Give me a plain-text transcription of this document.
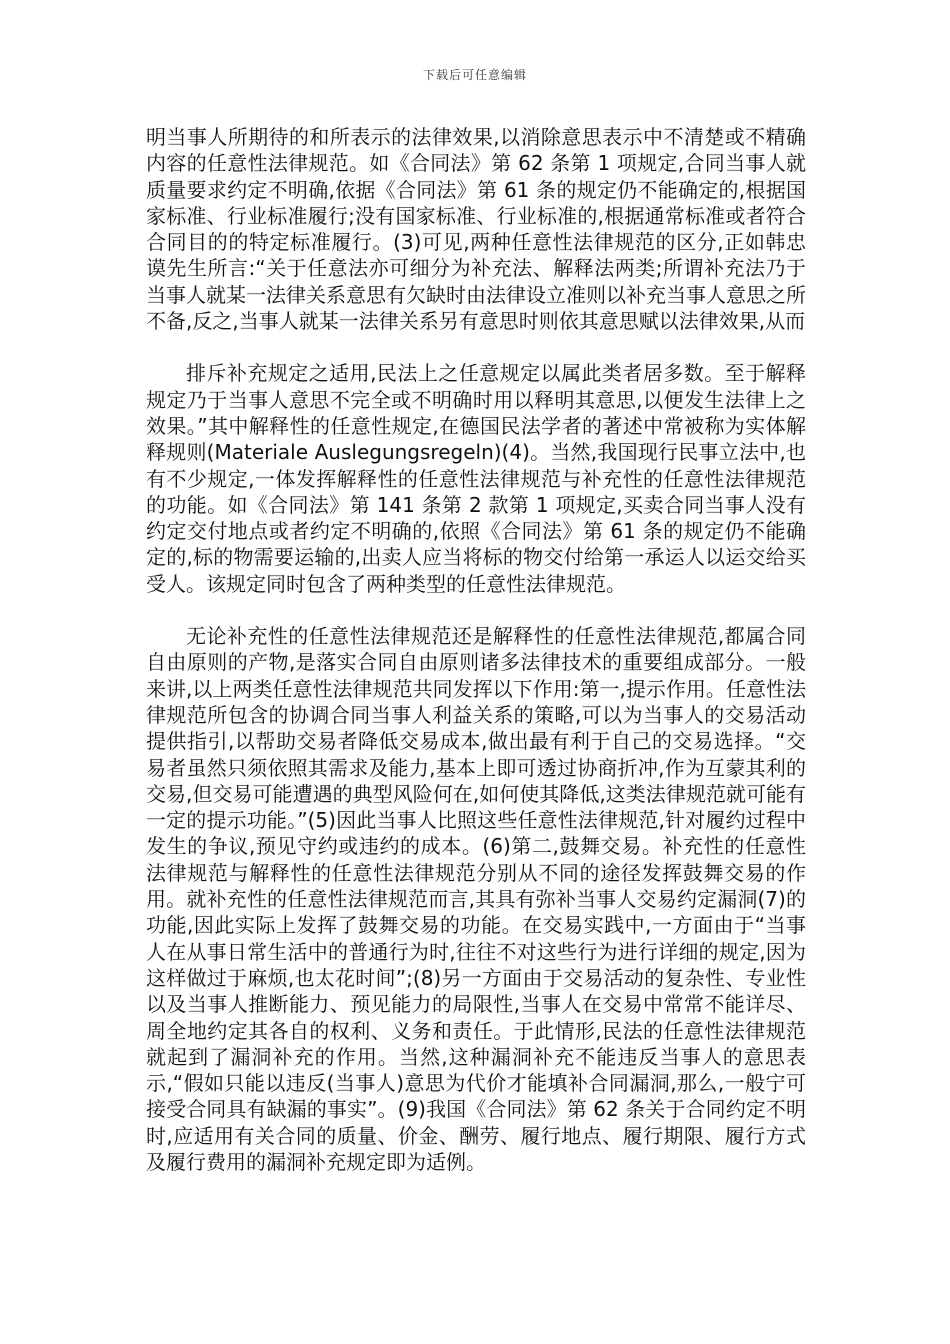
下载后可任意编辑

明当事人所期待的和所表示的法律效果,以消除意思表示中不清楚或不精确内容的任意性法律规范。如《合同法》第 62 条第 1 项规定,合同当事人就质量要求约定不明确,依据《合同法》第 61 条的规定仍不能确定的,根据国家标准、行业标准履行;没有国家标准、行业标准的,根据通常标准或者符合合同目的的特定标准履行。(3)可见,两种任意性法律规范的区分,正如韩忠谟先生所言:“关于任意法亦可细分为补充法、解释法两类;所谓补充法乃于当事人就某一法律关系意思有欠缺时由法律设立准则以补充当事人意思之所不备,反之,当事人就某一法律关系另有意思时则依其意思赋以法律效果,从而

排斥补充规定之适用,民法上之任意规定以属此类者居多数。至于解释规定乃于当事人意思不完全或不明确时用以释明其意思,以便发生法律上之效果。”其中解释性的任意性规定,在德国民法学者的著述中常被称为实体解释规则(Materiale Auslegungsregeln)(4)。当然,我国现行民事立法中,也有不少规定,一体发挥解释性的任意性法律规范与补充性的任意性法律规范的功能。如《合同法》第 141 条第 2 款第 1 项规定,买卖合同当事人没有约定交付地点或者约定不明确的,依照《合同法》第 61 条的规定仍不能确定的,标的物需要运输的,出卖人应当将标的物交付给第一承运人以运交给买受人。该规定同时包含了两种类型的任意性法律规范。

无论补充性的任意性法律规范还是解释性的任意性法律规范,都属合同自由原则的产物,是落实合同自由原则诸多法律技术的重要组成部分。一般来讲,以上两类任意性法律规范共同发挥以下作用:第一,提示作用。任意性法律规范所包含的协调合同当事人利益关系的策略,可以为当事人的交易活动提供指引,以帮助交易者降低交易成本,做出最有利于自己的交易选择。“交易者虽然只须依照其需求及能力,基本上即可透过协商折冲,作为互蒙其利的交易,但交易可能遭遇的典型风险何在,如何使其降低,这类法律规范就可能有一定的提示功能。”(5)因此当事人比照这些任意性法律规范,针对履约过程中发生的争议,预见守约或违约的成本。(6)第二,鼓舞交易。补充性的任意性法律规范与解释性的任意性法律规范分别从不同的途径发挥鼓舞交易的作用。就补充性的任意性法律规范而言,其具有弥补当事人交易约定漏洞(7)的功能,因此实际上发挥了鼓舞交易的功能。在交易实践中,一方面由于“当事人在从事日常生活中的普通行为时,往往不对这些行为进行详细的规定,因为这样做过于麻烦,也太花时间”;(8)另一方面由于交易活动的复杂性、专业性以及当事人推断能力、预见能力的局限性,当事人在交易中常常不能详尽、周全地约定其各自的权利、义务和责任。于此情形,民法的任意性法律规范就起到了漏洞补充的作用。当然,这种漏洞补充不能违反当事人的意思表示,“假如只能以违反(当事人)意思为代价才能填补合同漏洞,那么,一般宁可接受合同具有缺漏的事实”。(9)我国《合同法》第 62 条关于合同约定不明时,应适用有关合同的质量、价金、酬劳、履行地点、履行期限、履行方式及履行费用的漏洞补充规定即为适例。
